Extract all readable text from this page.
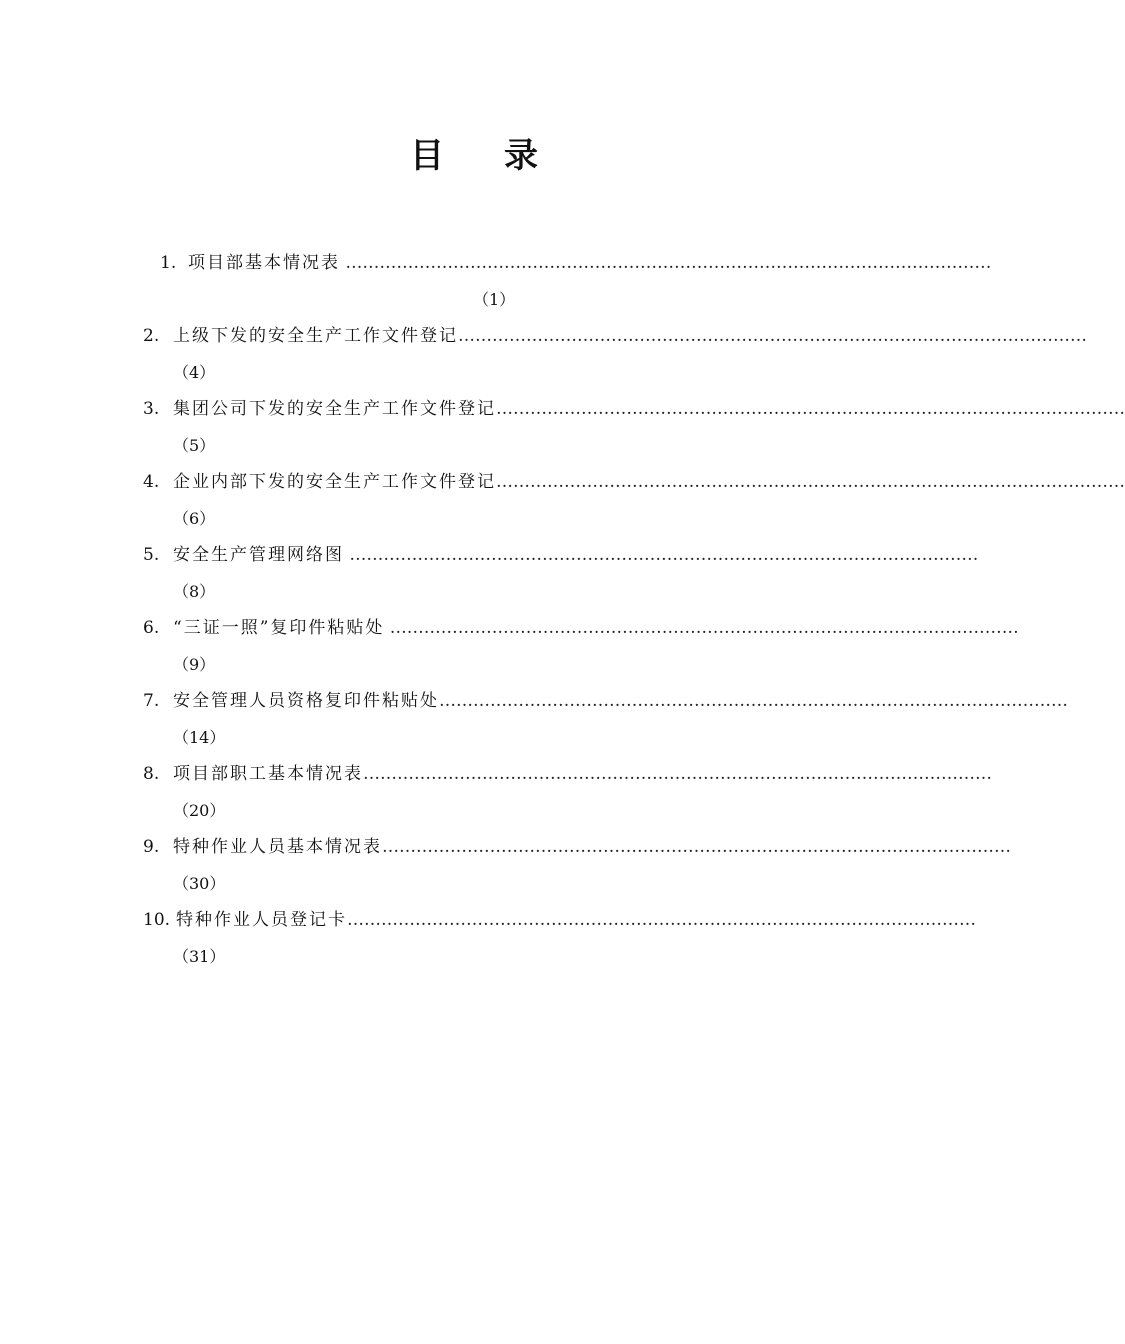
目 录
1. 项目部基本情况表 ……………………………………………………………………………………………………
（1）
2. 上级下发的安全生产工作文件登记…………………………………………………………………………………………………
（4）
3. 集团公司下发的安全生产工作文件登记…………………………………………………………………………………………………
（5）
4. 企业内部下发的安全生产工作文件登记…………………………………………………………………………………………………
（6）
5. 安全生产管理网络图 …………………………………………………………………………………………………
（8）
6. “三证一照”复印件粘贴处 …………………………………………………………………………………………………
（9）
7. 安全管理人员资格复印件粘贴处…………………………………………………………………………………………………
（14）
8. 项目部职工基本情况表…………………………………………………………………………………………………
（20）
9. 特种作业人员基本情况表…………………………………………………………………………………………………
（30）
10. 特种作业人员登记卡…………………………………………………………………………………………………
（31）
